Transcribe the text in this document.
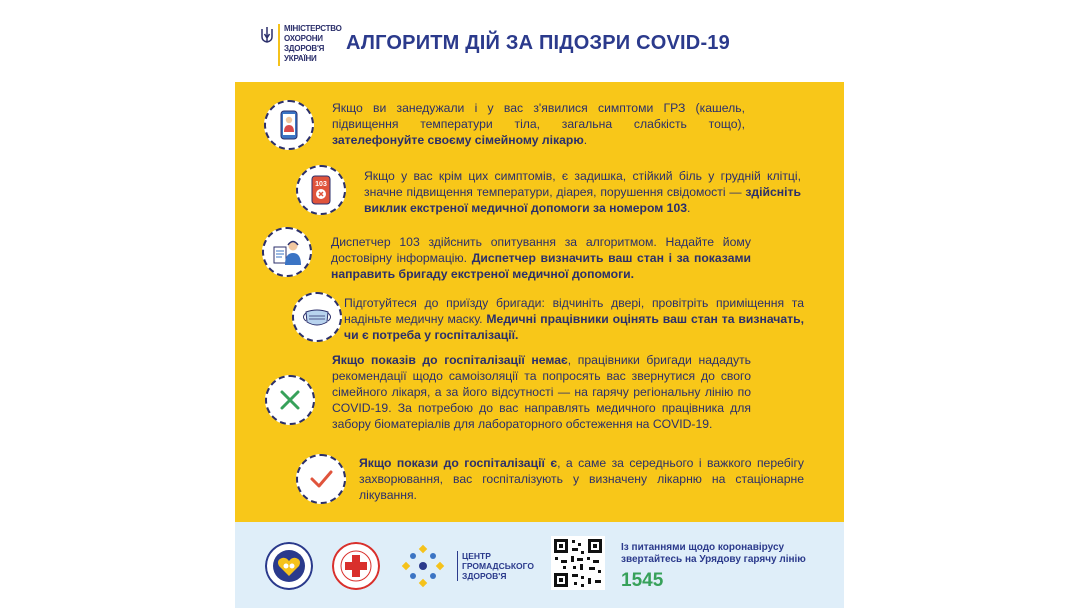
МІНІСТЕРСТВО
ОХОРОНИ
ЗДОРОВ'Я
УКРАЇНИ
АЛГОРИТМ ДІЙ ЗА ПІДОЗРИ COVID-19
Якщо ви занедужали і у вас з'явилися симптоми ГРЗ (кашель, підвищення температури тіла, загальна слабкість тощо), зателефонуйте своєму сімейному лікарю.
103
Якщо у вас крім цих симптомів, є задишка, стійкий біль у грудній клітці, значне підвищення температури, діарея, порушення свідомості — здійсніть виклик екстреної медичної допомоги за номером 103.
Диспетчер 103 здійснить опитування за алгоритмом. Надайте йому достовірну інформацію. Диспетчер визначить ваш стан і за показами направить бригаду екстреної медичної допомоги.
Підготуйтеся до приїзду бригади: відчиніть двері, провітріть приміщення та надіньте медичну маску. Медичні працівники оцінять ваш стан та визначать, чи є потреба у госпіталізації.
Якщо показів до госпіталізації немає, працівники бригади нададуть рекомендації щодо самоізоляції та попросять вас звернутися до свого сімейного лікаря, а за його відсутності — на гарячу регіональну лінію по COVID-19. За потребою до вас направлять медичного працівника для забору біоматеріалів для лабораторного обстеження на COVID-19.
Якщо покази до госпіталізації є, а саме за середнього і важкого перебігу захворювання, вас госпіталізують у визначену лікарню на стаціонарне лікування.
ЦЕНТР
ГРОМАДСЬКОГО
ЗДОРОВ'Я
Із питаннями щодо коронавірусу
звертайтесь на Урядову гарячу лінію
1545
